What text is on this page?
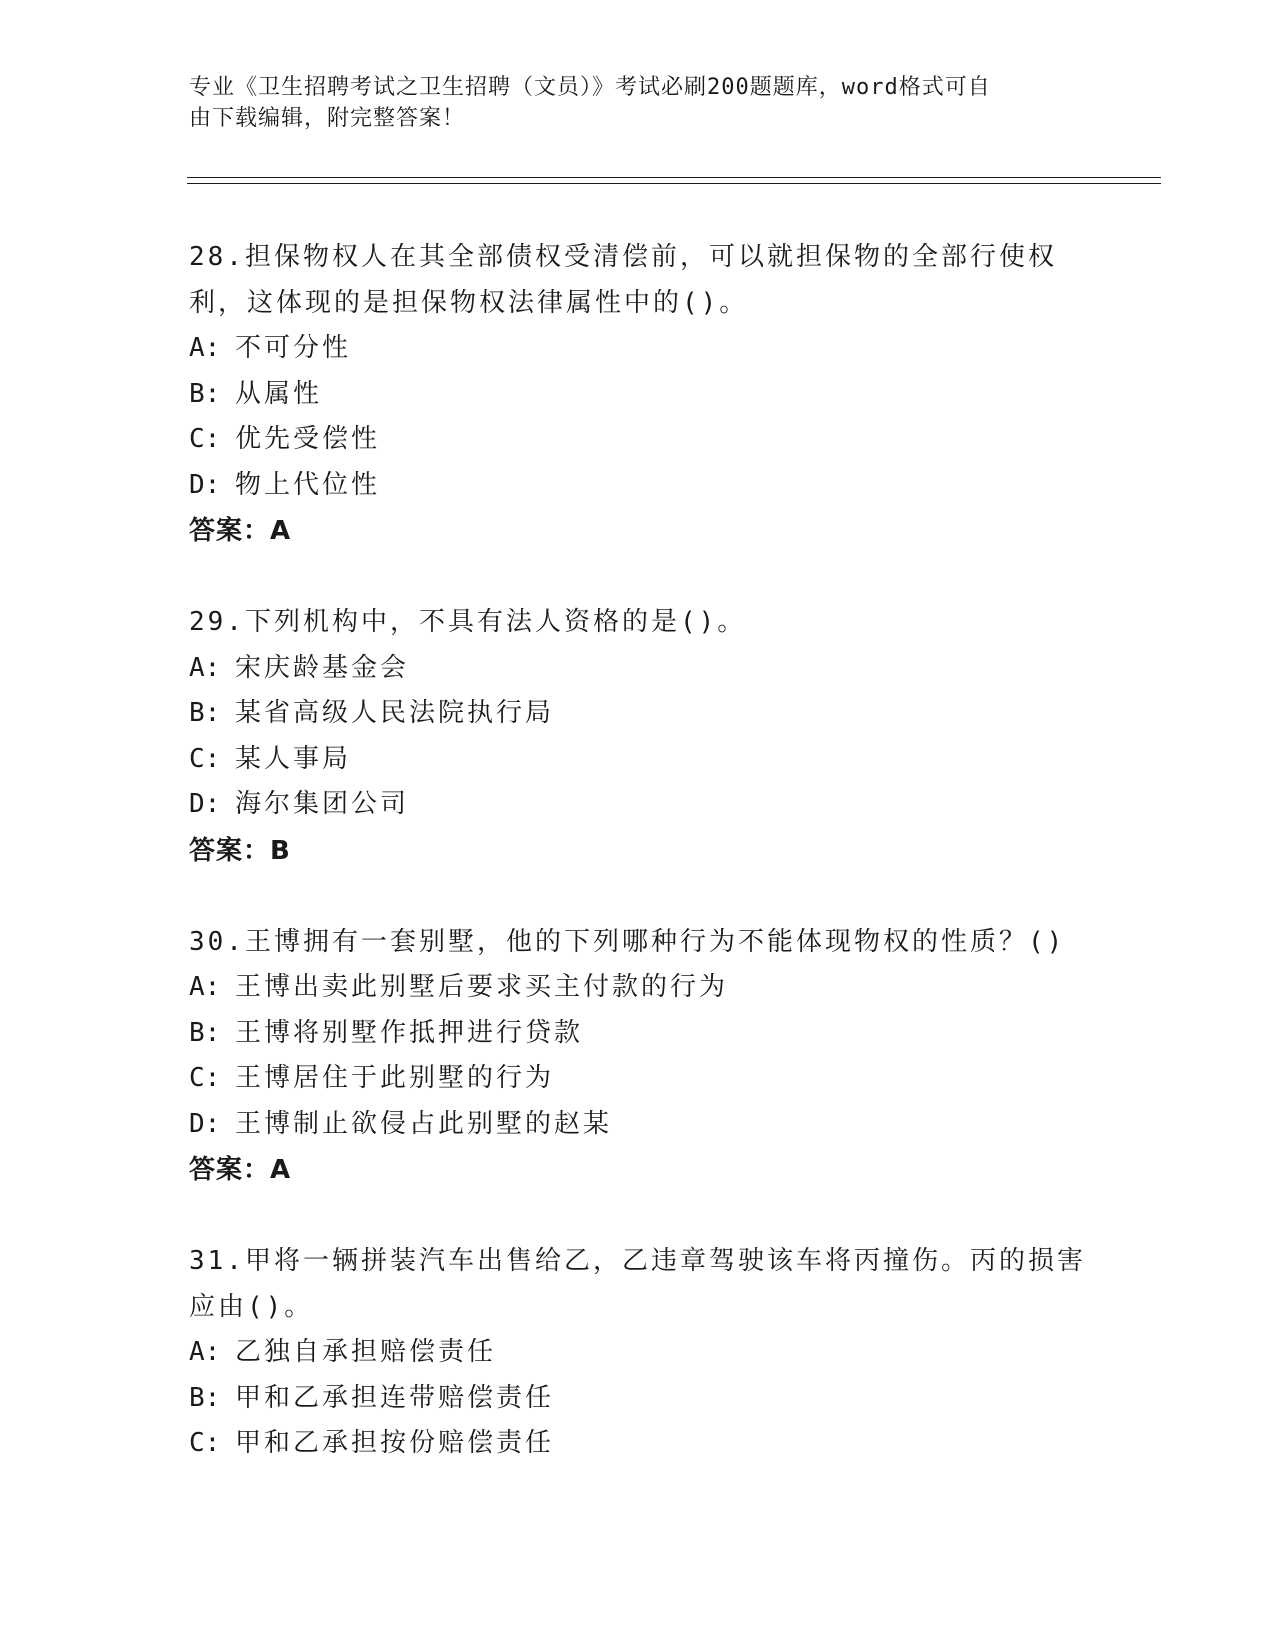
专业《卫生招聘考试之卫生招聘（文员）》考试必刷200题题库，word格式可自
由下载编辑，附完整答案！

28.担保物权人在其全部债权受清偿前，可以就担保物的全部行使权利，这体现的是担保物权法律属性中的()。

A: 不可分性
B: 从属性
C: 优先受偿性
D: 物上代位性
答案：A

29.下列机构中，不具有法人资格的是()。

A: 宋庆龄基金会
B: 某省高级人民法院执行局
C: 某人事局
D: 海尔集团公司
答案：B

30.王博拥有一套别墅，他的下列哪种行为不能体现物权的性质？()

A: 王博出卖此别墅后要求买主付款的行为
B: 王博将别墅作抵押进行贷款
C: 王博居住于此别墅的行为
D: 王博制止欲侵占此别墅的赵某
答案：A

31.甲将一辆拼装汽车出售给乙，乙违章驾驶该车将丙撞伤。丙的损害应由()。

A: 乙独自承担赔偿责任
B: 甲和乙承担连带赔偿责任
C: 甲和乙承担按份赔偿责任
